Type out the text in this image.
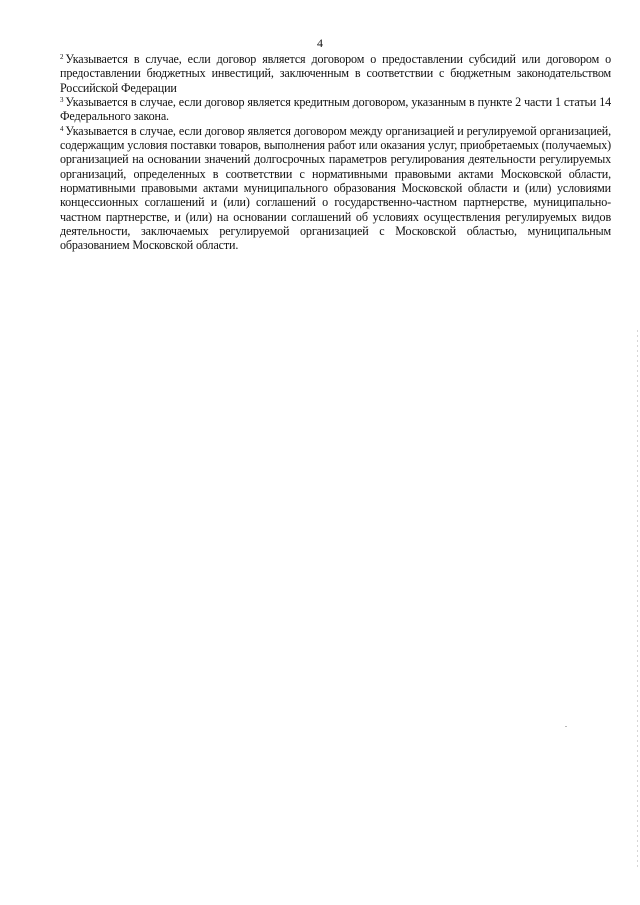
4

$^2$ Указывается в случае, если договор является договором о предоставлении субсидий или договором о предоставлении бюджетных инвестиций, заключенным в соответствии с бюджетным законодательством Российской Федерации

$^3$ Указывается в случае, если договор является кредитным договором, указанным в пункте 2 части 1 статьи 14 Федерального закона.

$^4$ Указывается в случае, если договор является договором между организацией и регулируемой организацией, содержащим условия поставки товаров, выполнения работ или оказания услуг, приобретаемых (получаемых) организацией на основании значений долгосрочных параметров регулирования деятельности регулируемых организаций, определенных в соответствии с нормативными правовыми актами Московской области, нормативными правовыми актами муниципального образования Московской области и (или) условиями концессионных соглашений и (или) соглашений о государственно-частном партнерстве, муниципально-частном партнерстве, и (или) на основании соглашений об условиях осуществления регулируемых видов деятельности, заключаемых регулируемой организацией с Московской областью, муниципальным образованием Московской области.
